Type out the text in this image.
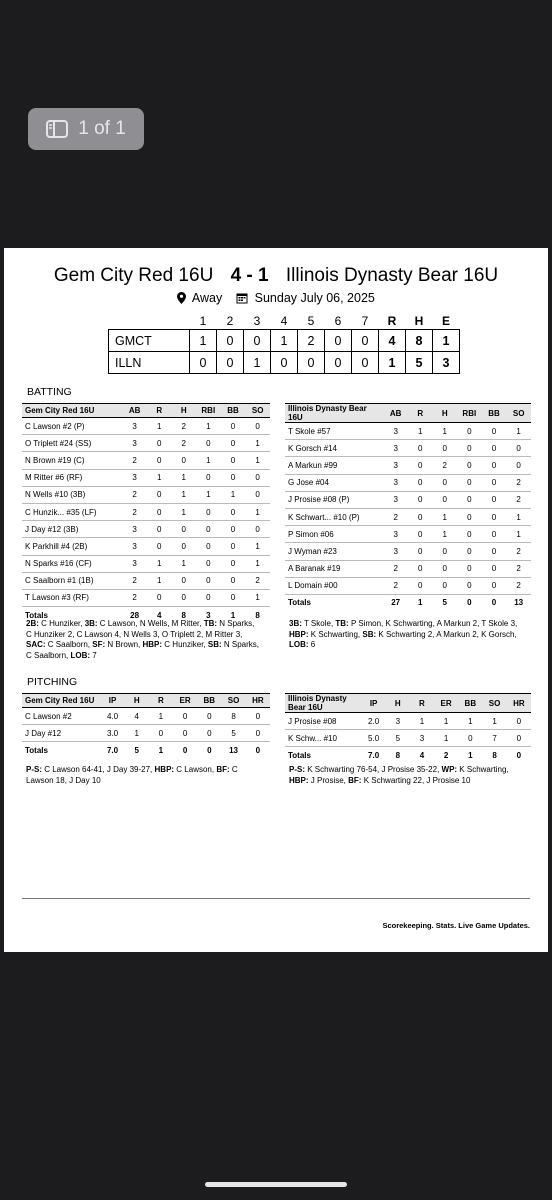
1 of 1
Gem City Red 16U 4 - 1 Illinois Dynasty Bear 16U
Away	Sunday July 06, 2025
	1	2	3	4	5	6	7	R	H	E
GMCT	1	0	0	1	2	0	0	4	8	1
ILLN	0	0	1	0	0	0	0	1	5	3
BATTING
Gem City Red 16U	AB	R	H	RBI	BB	SO
C Lawson #2 (P)	3	1	2	1	0	0
O Triplett #24 (SS)	3	0	2	0	0	1
N Brown #19 (C)	2	0	0	1	0	1
M Ritter #6 (RF)	3	1	1	0	0	0
N Wells #10 (3B)	2	0	1	1	1	0
C Hunzik... #35 (LF)	2	0	1	0	0	1
J Day #12 (3B)	3	0	0	0	0	0
K Parkhill #4 (2B)	3	0	0	0	0	1
N Sparks #16 (CF)	3	1	1	0	0	1
C Saalborn #1 (1B)	2	1	0	0	0	2
T Lawson #3 (RF)	2	0	0	0	0	1
Totals	28	4	8	3	1	8
Illinois Dynasty Bear 16U	AB	R	H	RBI	BB	SO
T Skole #57	3	1	1	0	0	1
K Gorsch #14	3	0	0	0	0	0
A Markun #99	3	0	2	0	0	0
G Jose #04	3	0	0	0	0	2
J Prosise #08 (P)	3	0	0	0	0	2
K Schwart... #10 (P)	2	0	1	0	0	1
P Simon #06	3	0	1	0	0	1
J Wyman #23	3	0	0	0	0	2
A Baranak #19	2	0	0	0	0	2
L Domain #00	2	0	0	0	0	2
Totals	27	1	5	0	0	13
2B: C Hunziker, 3B: C Lawson, N Wells, M Ritter, TB: N Sparks, C Hunziker 2, C Lawson 4, N Wells 3, O Triplett 2, M Ritter 3, SAC: C Saalborn, SF: N Brown, HBP: C Hunziker, SB: N Sparks, C Saalborn, LOB: 7
3B: T Skole, TB: P Simon, K Schwarting, A Markun 2, T Skole 3, HBP: K Schwarting, SB: K Schwarting 2, A Markun 2, K Gorsch, LOB: 6
PITCHING
Gem City Red 16U	IP	H	R	ER	BB	SO	HR
C Lawson #2	4.0	4	1	0	0	8	0
J Day #12	3.0	1	0	0	0	5	0
Totals	7.0	5	1	0	0	13	0
Illinois Dynasty Bear 16U	IP	H	R	ER	BB	SO	HR
J Prosise #08	2.0	3	1	1	1	1	0
K Schw... #10	5.0	5	3	1	0	7	0
Totals	7.0	8	4	2	1	8	0
P-S: C Lawson 64-41, J Day 39-27, HBP: C Lawson, BF: C Lawson 18, J Day 10
P-S: K Schwarting 76-54, J Prosise 35-22, WP: K Schwarting, HBP: J Prosise, BF: K Schwarting 22, J Prosise 10
Scorekeeping. Stats. Live Game Updates.
